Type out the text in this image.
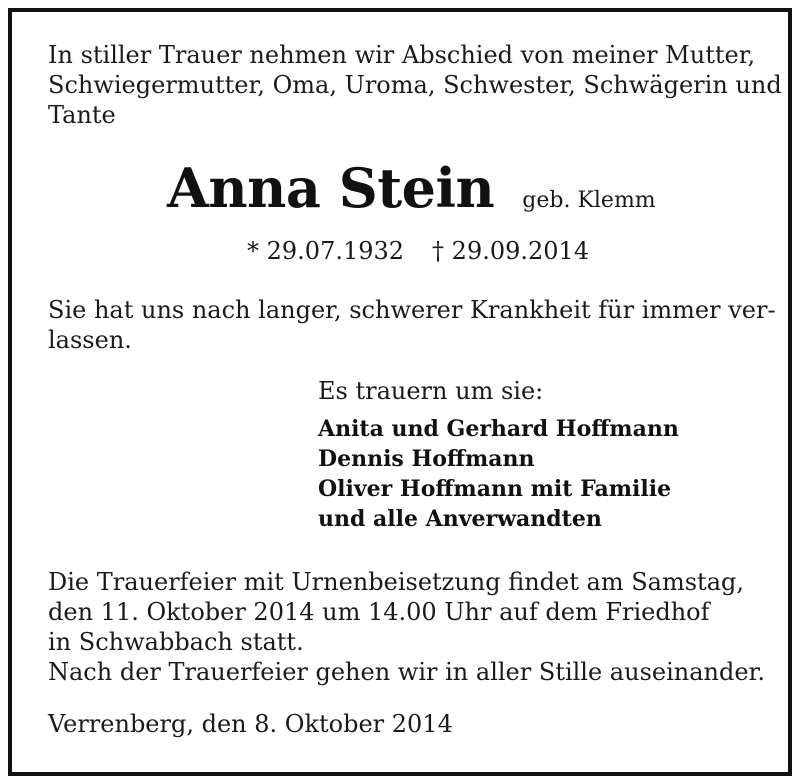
In stiller Trauer nehmen wir Abschied von meiner Mutter,
Schwiegermutter, Oma, Uroma, Schwester, Schwägerin und
Tante
Anna Stein geb. Klemm
* 29.07.1932 † 29.09.2014
Sie hat uns nach langer, schwerer Krankheit für immer ver-
lassen.
Es trauern um sie:
Anita und Gerhard Hoffmann
Dennis Hoffmann
Oliver Hoffmann mit Familie
und alle Anverwandten
Die Trauerfeier mit Urnenbeisetzung findet am Samstag,
den 11. Oktober 2014 um 14.00 Uhr auf dem Friedhof
in Schwabbach statt.
Nach der Trauerfeier gehen wir in aller Stille auseinander.
Verrenberg, den 8. Oktober 2014
